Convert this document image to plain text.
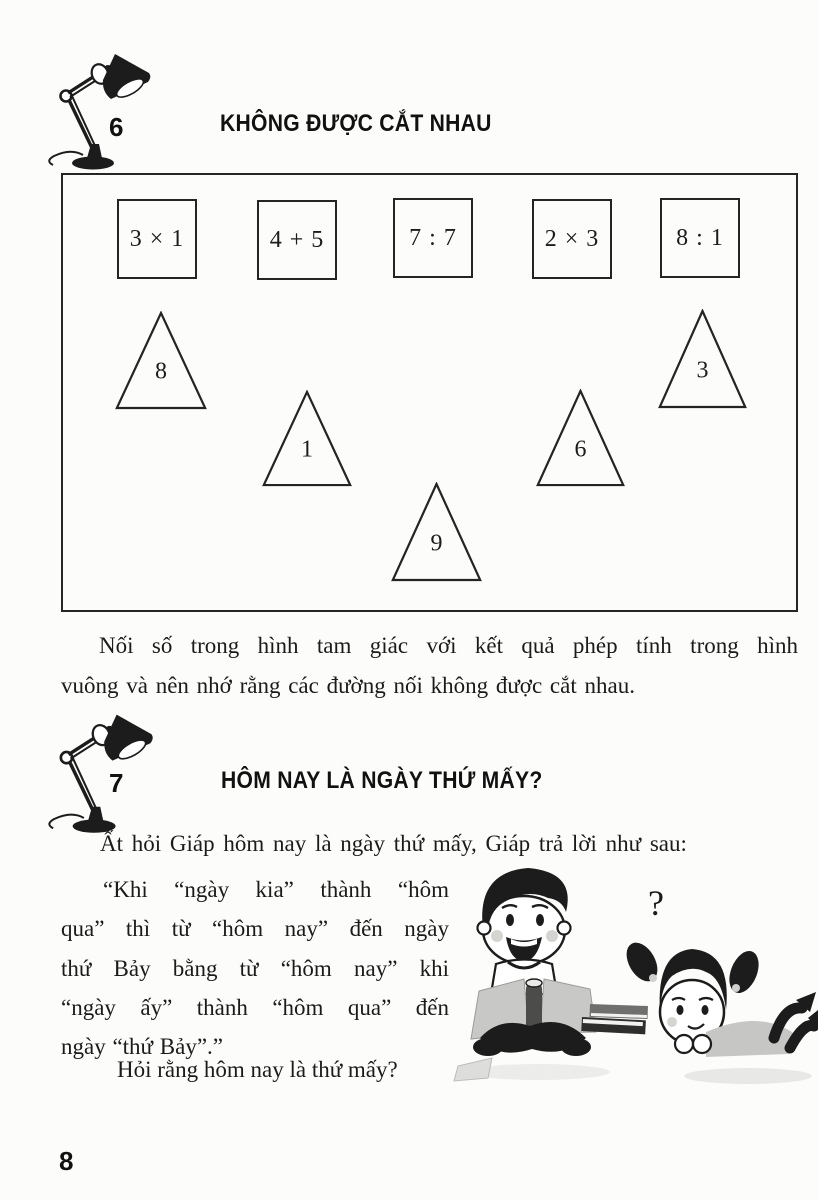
6	KHÔNG ĐƯỢC CẮT NHAU
3 × 1	4 + 5	7 : 7	2 × 3	8 : 1
8
1
9
6
3
Nối số trong hình tam giác với kết quả phép tính trong hình
vuông và nên nhớ rằng các đường nối không được cắt nhau.
7	HÔM NAY LÀ NGÀY THỨ MẤY?
Ất hỏi Giáp hôm nay là ngày thứ mấy, Giáp trả lời như sau:
“Khi “ngày kia” thành “hôm
qua” thì từ “hôm nay” đến ngày
thứ Bảy bằng từ “hôm nay” khi
“ngày ấy” thành “hôm qua” đến
ngày “thứ Bảy”.”
Hỏi rằng hôm nay là thứ mấy?
?
8
